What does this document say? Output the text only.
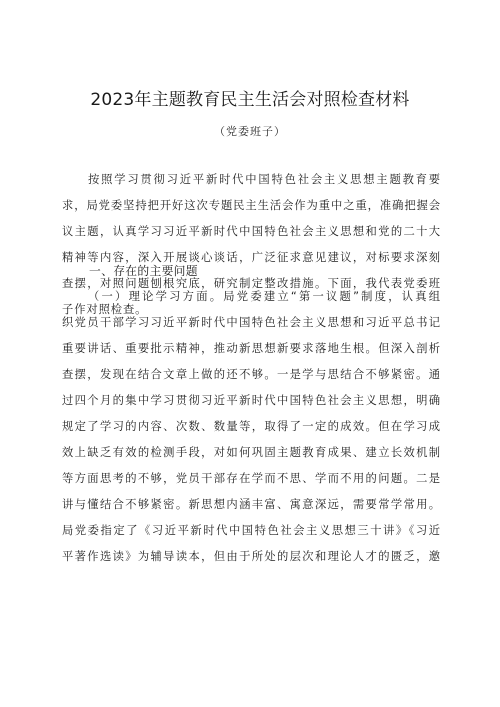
2023年主题教育民主生活会对照检查材料
（党委班子）
按照学习贯彻习近平新时代中国特色社会主义思想主题教育要
求，局党委坚持把开好这次专题民主生活会作为重中之重，准确把握会
议主题，认真学习习近平新时代中国特色社会主义思想和党的二十大
精神等内容，深入开展谈心谈话，广泛征求意见建议，对标要求深刻
查摆，对照问题刨根究底，研究制定整改措施。下面，我代表党委班
子作对照检查。
一、存在的主要问题
（一）理论学习方面。局党委建立“第一议题”制度，认真组
织党员干部学习习近平新时代中国特色社会主义思想和习近平总书记
重要讲话、重要批示精神，推动新思想新要求落地生根。但深入剖析
查摆，发现在结合文章上做的还不够。一是学与思结合不够紧密。通
过四个月的集中学习贯彻习近平新时代中国特色社会主义思想，明确
规定了学习的内容、次数、数量等，取得了一定的成效。但在学习成
效上缺乏有效的检测手段，对如何巩固主题教育成果、建立长效机制
等方面思考的不够，党员干部存在学而不思、学而不用的问题。二是
讲与懂结合不够紧密。新思想内涵丰富、寓意深远，需要常学常用。
局党委指定了《习近平新时代中国特色社会主义思想三十讲》《习近
平著作选读》为辅导读本，但由于所处的层次和理论人才的匮乏，邀
